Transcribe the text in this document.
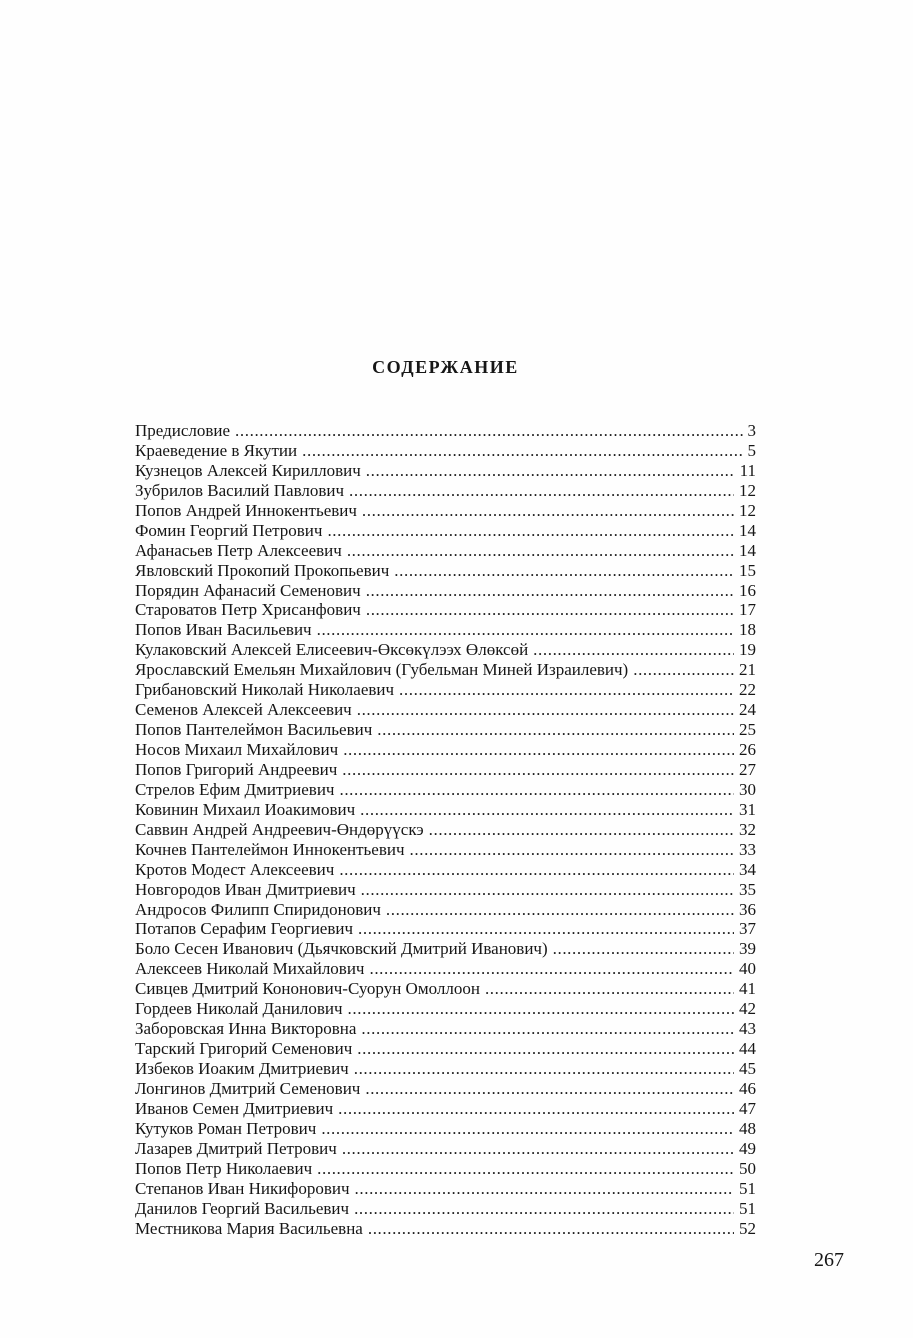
СОДЕРЖАНИЕ
Предисловие .....	3
Краеведение в Якутии .....	5
Кузнецов Алексей Кириллович .....	11
Зубрилов Василий Павлович .....	12
Попов Андрей Иннокентьевич .....	12
Фомин Георгий Петрович .....	14
Афанасьев Петр Алексеевич .....	14
Явловский Прокопий Прокопьевич .....	15
Порядин Афанасий Семенович .....	16
Староватов Петр Хрисанфович .....	17
Попов Иван Васильевич .....	18
Кулаковский Алексей Елисеевич-Өксөкүлээх Өлөксөй .....	19
Ярославский Емельян Михайлович (Губельман Миней Израилевич) .....	21
Грибановский Николай Николаевич .....	22
Семенов Алексей Алексеевич .....	24
Попов Пантелеймон Васильевич .....	25
Носов Михаил Михайлович .....	26
Попов Григорий Андреевич .....	27
Стрелов Ефим Дмитриевич .....	30
Ковинин Михаил Иоакимович .....	31
Саввин Андрей Андреевич-Өндөрүүскэ .....	32
Кочнев Пантелеймон Иннокентьевич .....	33
Кротов Модест Алексеевич .....	34
Новгородов Иван Дмитриевич .....	35
Андросов Филипп Спиридонович .....	36
Потапов Серафим Георгиевич .....	37
Боло Сесен Иванович (Дьячковский Дмитрий Иванович) .....	39
Алексеев Николай Михайлович .....	40
Сивцев Дмитрий Кононович-Суорун Омоллоон .....	41
Гордеев Николай Данилович .....	42
Заборовская Инна Викторовна .....	43
Тарский Григорий Семенович .....	44
Избеков Иоаким Дмитриевич .....	45
Лонгинов Дмитрий Семенович .....	46
Иванов Семен Дмитриевич .....	47
Кутуков Роман Петрович .....	48
Лазарев Дмитрий Петрович .....	49
Попов Петр Николаевич .....	50
Степанов Иван Никифорович .....	51
Данилов Георгий Васильевич .....	51
Местникова Мария Васильевна .....	52
267
